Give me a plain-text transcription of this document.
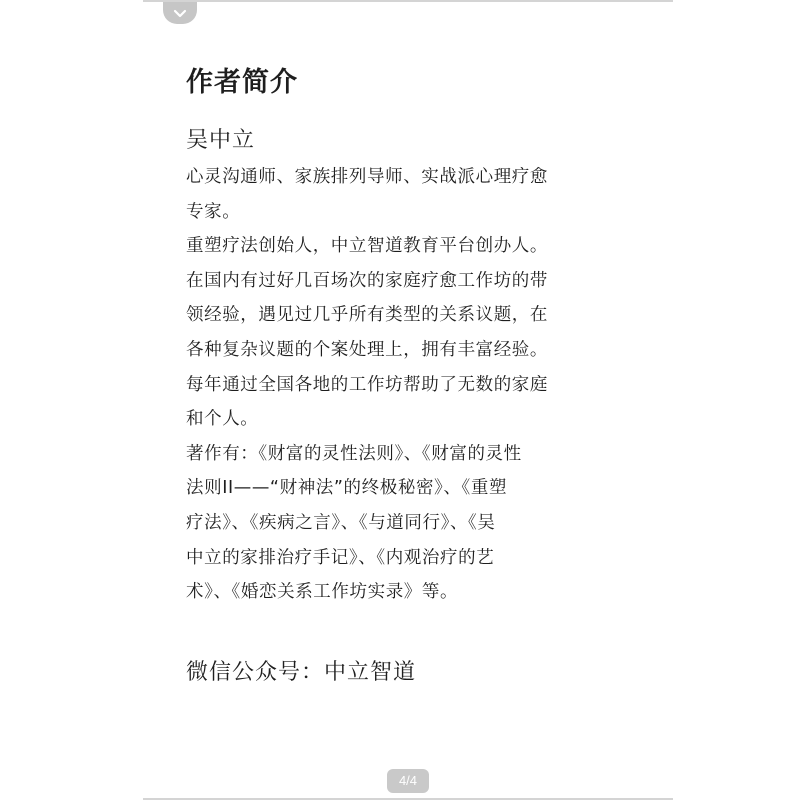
作者简介
吴中立
心灵沟通师、家族排列导师、实战派心理疗愈
专家。
重塑疗法创始人，中立智道教育平台创办人。
在国内有过好几百场次的家庭疗愈工作坊的带
领经验，遇见过几乎所有类型的关系议题，在
各种复杂议题的个案处理上，拥有丰富经验。
每年通过全国各地的工作坊帮助了无数的家庭
和个人。
著作有：《财富的灵性法则》、《财富的灵性
法则II——“财神法”的终极秘密》、《重塑
疗法》、《疾病之言》、《与道同行》、《吴
中立的家排治疗手记》、《内观治疗的艺
术》、《婚恋关系工作坊实录》等。
微信公众号：中立智道
4/4
